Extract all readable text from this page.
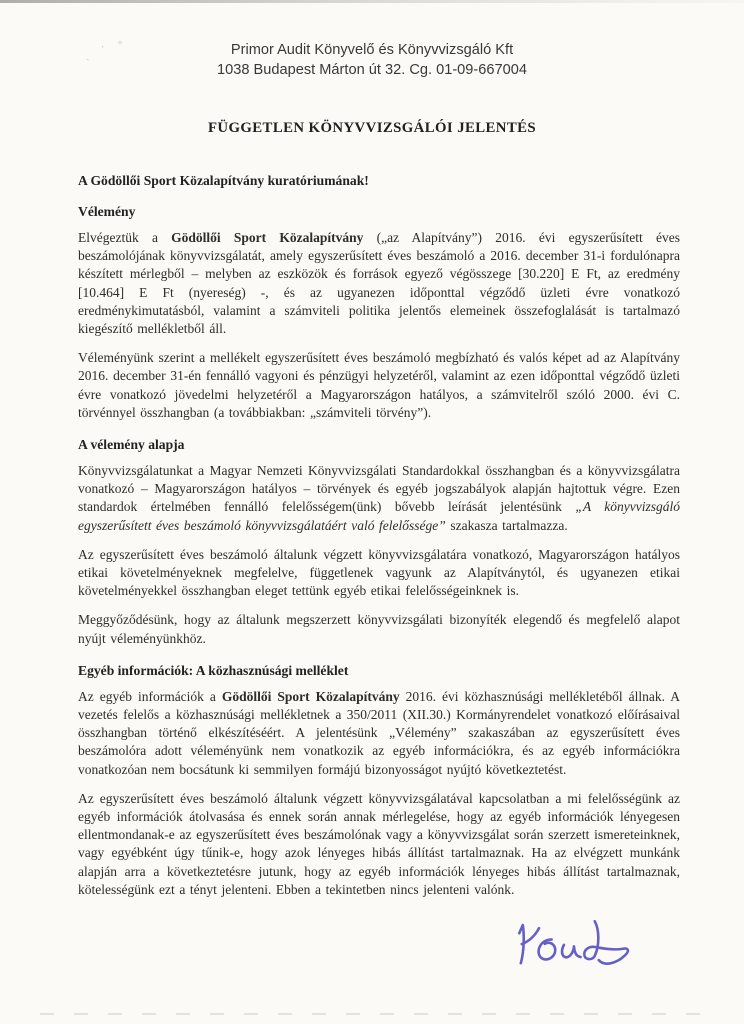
ˏ ˊ °	Primor Audit Könyvelő és Könyvvizsgáló Kft
1038 Budapest Márton út 32. Cg. 01-09-667004
FÜGGETLEN KÖNYVVIZSGÁLÓI JELENTÉS
A Gödöllői Sport Közalapítvány kuratóriumának!
Vélemény

Elvégeztük a Gödöllői Sport Közalapítvány („az Alapítvány”) 2016. évi egyszerűsített éves beszámolójának könyvvizsgálatát, amely egyszerűsített éves beszámoló a 2016. december 31-i fordulónapra készített mérlegből – melyben az eszközök és források egyező végösszege [30.220] E Ft, az eredmény [10.464] E Ft (nyereség) -, és az ugyanezen időponttal végződő üzleti évre vonatkozó eredménykimutatásból, valamint a számviteli politika jelentős elemeinek összefoglalását is tartalmazó kiegészítő mellékletből áll.

Véleményünk szerint a mellékelt egyszerűsített éves beszámoló megbízható és valós képet ad az Alapítvány 2016. december 31-én fennálló vagyoni és pénzügyi helyzetéről, valamint az ezen időponttal végződő üzleti évre vonatkozó jövedelmi helyzetéről a Magyarországon hatályos, a számvitelről szóló 2000. évi C. törvénnyel összhangban (a továbbiakban: „számviteli törvény”).

A vélemény alapja

Könyvvizsgálatunkat a Magyar Nemzeti Könyvvizsgálati Standardokkal összhangban és a könyvvizsgálatra vonatkozó – Magyarországon hatályos – törvények és egyéb jogszabályok alapján hajtottuk végre. Ezen standardok értelmében fennálló felelősségem(ünk) bővebb leírását jelentésünk „A könyvvizsgáló egyszerűsített éves beszámoló könyvvizsgálatáért való felelőssége” szakasza tartalmazza.

Az egyszerűsített éves beszámoló általunk végzett könyvvizsgálatára vonatkozó, Magyarországon hatályos etikai követelményeknek megfelelve, függetlenek vagyunk az Alapítványtól, és ugyanezen etikai követelményekkel összhangban eleget tettünk egyéb etikai felelősségeinknek is.

Meggyőződésünk, hogy az általunk megszerzett könyvvizsgálati bizonyíték elegendő és megfelelő alapot nyújt véleményünkhöz.

Egyéb információk: A közhasznúsági melléklet

Az egyéb információk a Gödöllői Sport Közalapítvány 2016. évi közhasznúsági mellékletéből állnak. A vezetés felelős a közhasznúsági mellékletnek a 350/2011 (XII.30.) Kormányrendelet vonatkozó előírásaival összhangban történő elkészítéséért. A jelentésünk „Vélemény” szakaszában az egyszerűsített éves beszámolóra adott véleményünk nem vonatkozik az egyéb információkra, és az egyéb információkra vonatkozóan nem bocsátunk ki semmilyen formájú bizonyosságot nyújtó következtetést.

Az egyszerűsített éves beszámoló általunk végzett könyvvizsgálatával kapcsolatban a mi felelősségünk az egyéb információk átolvasása és ennek során annak mérlegelése, hogy az egyéb információk lényegesen ellentmondanak-e az egyszerűsített éves beszámolónak vagy a könyvvizsgálat során szerzett ismereteinknek, vagy egyébként úgy tűnik-e, hogy azok lényeges hibás állítást tartalmaznak. Ha az elvégzett munkánk alapján arra a következtetésre jutunk, hogy az egyéb információk lényeges hibás állítást tartalmaznak, kötelességünk ezt a tényt jelenteni. Ebben a tekintetben nincs jelenteni valónk.
